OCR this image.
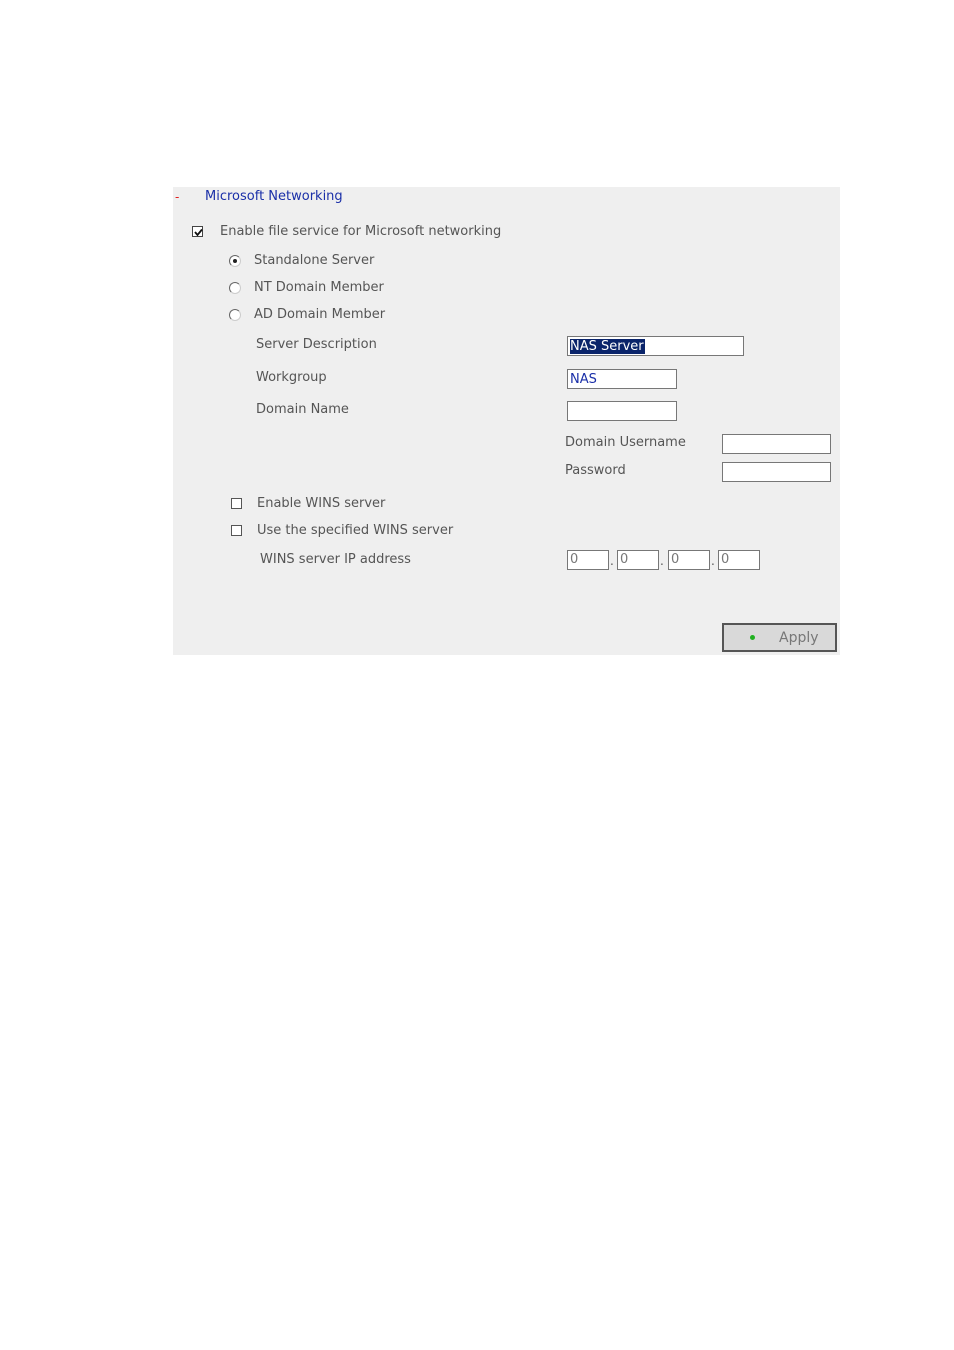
- Microsoft Networking
Enable file service for Microsoft networking
Standalone Server
NT Domain Member
AD Domain Member
Server Description	NAS Server
Workgroup	NAS
Domain Name
Domain Username
Password
Enable WINS server
Use the specified WINS server
WINS server IP address	0	. 0	. 0	. 0
Apply
